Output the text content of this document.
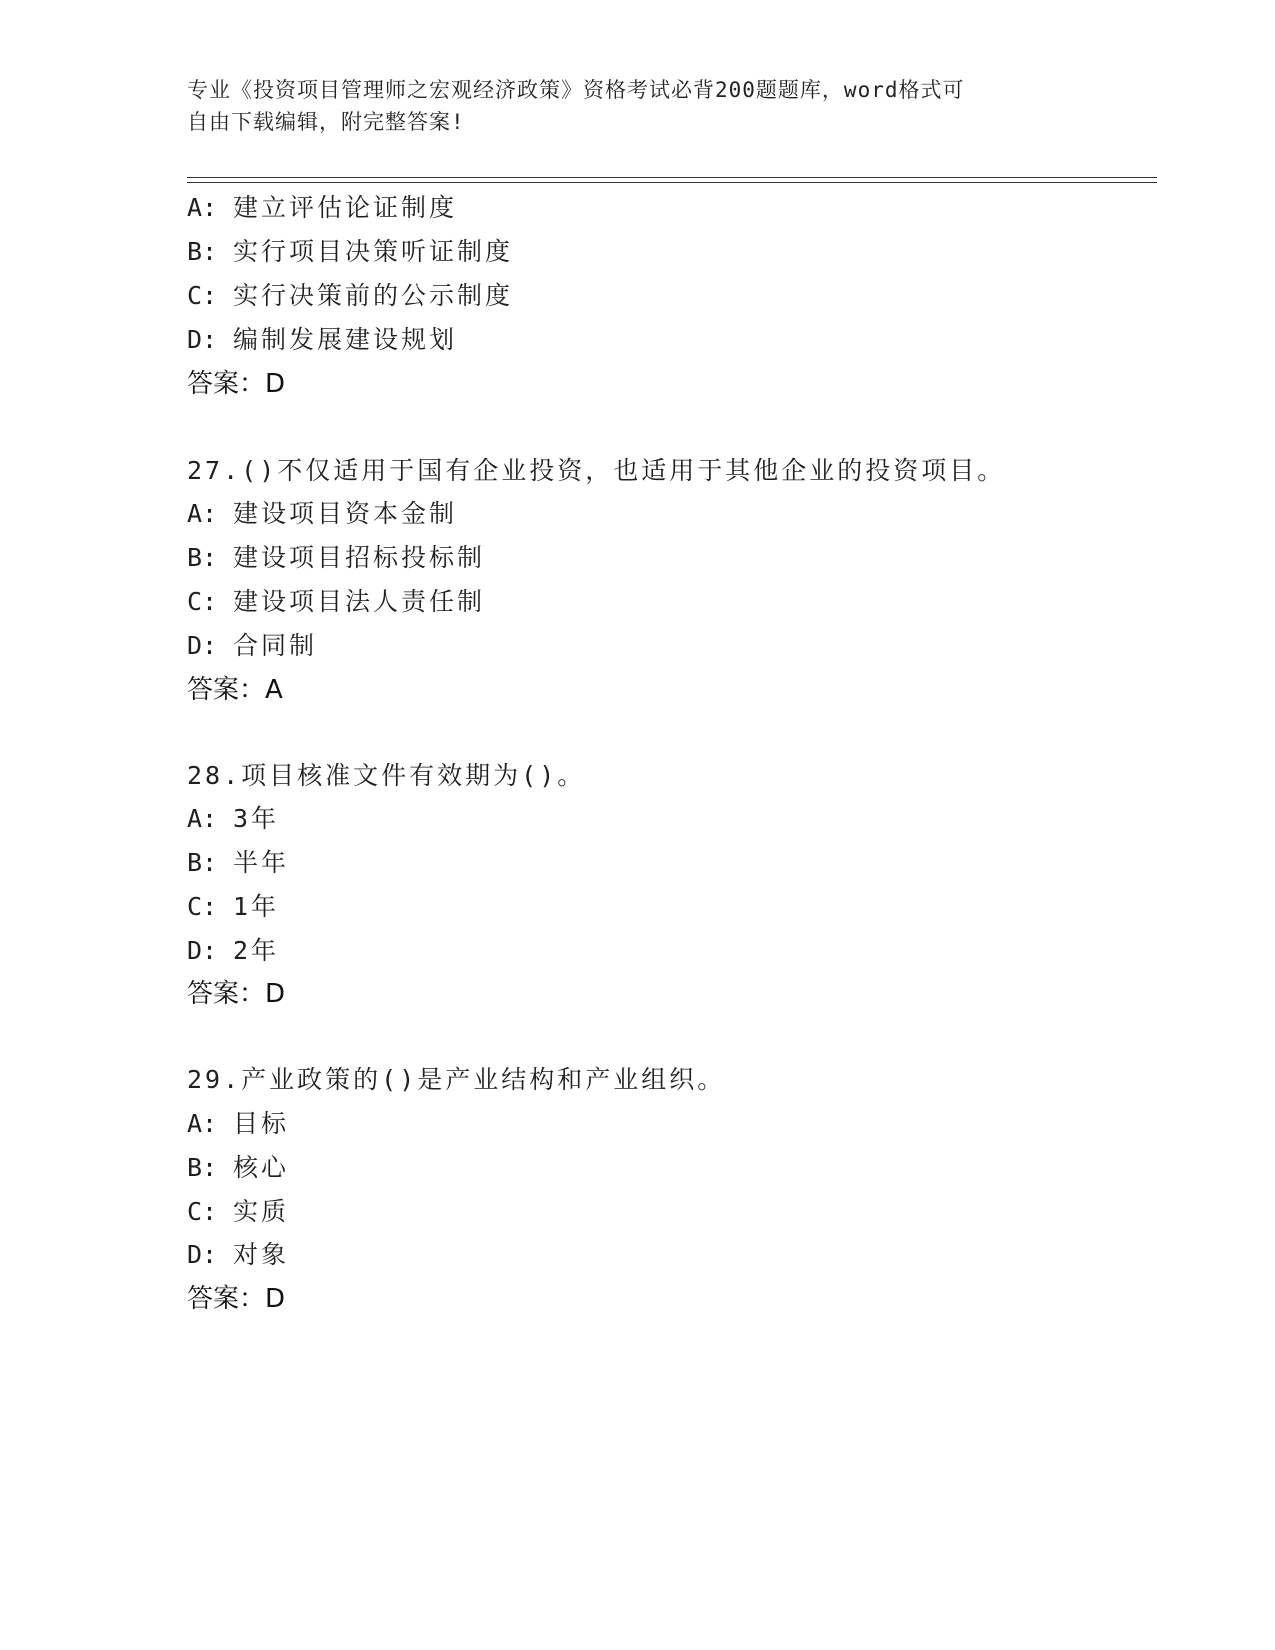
专业《投资项目管理师之宏观经济政策》资格考试必背200题题库，word格式可
自由下载编辑，附完整答案!
A: 建立评估论证制度
B: 实行项目决策听证制度
C: 实行决策前的公示制度
D: 编制发展建设规划
答案：D
27.()不仅适用于国有企业投资，也适用于其他企业的投资项目。
A: 建设项目资本金制
B: 建设项目招标投标制
C: 建设项目法人责任制
D: 合同制
答案：A
28.项目核准文件有效期为()。
A: 3年
B: 半年
C: 1年
D: 2年
答案：D
29.产业政策的()是产业结构和产业组织。
A: 目标
B: 核心
C: 实质
D: 对象
答案：D
